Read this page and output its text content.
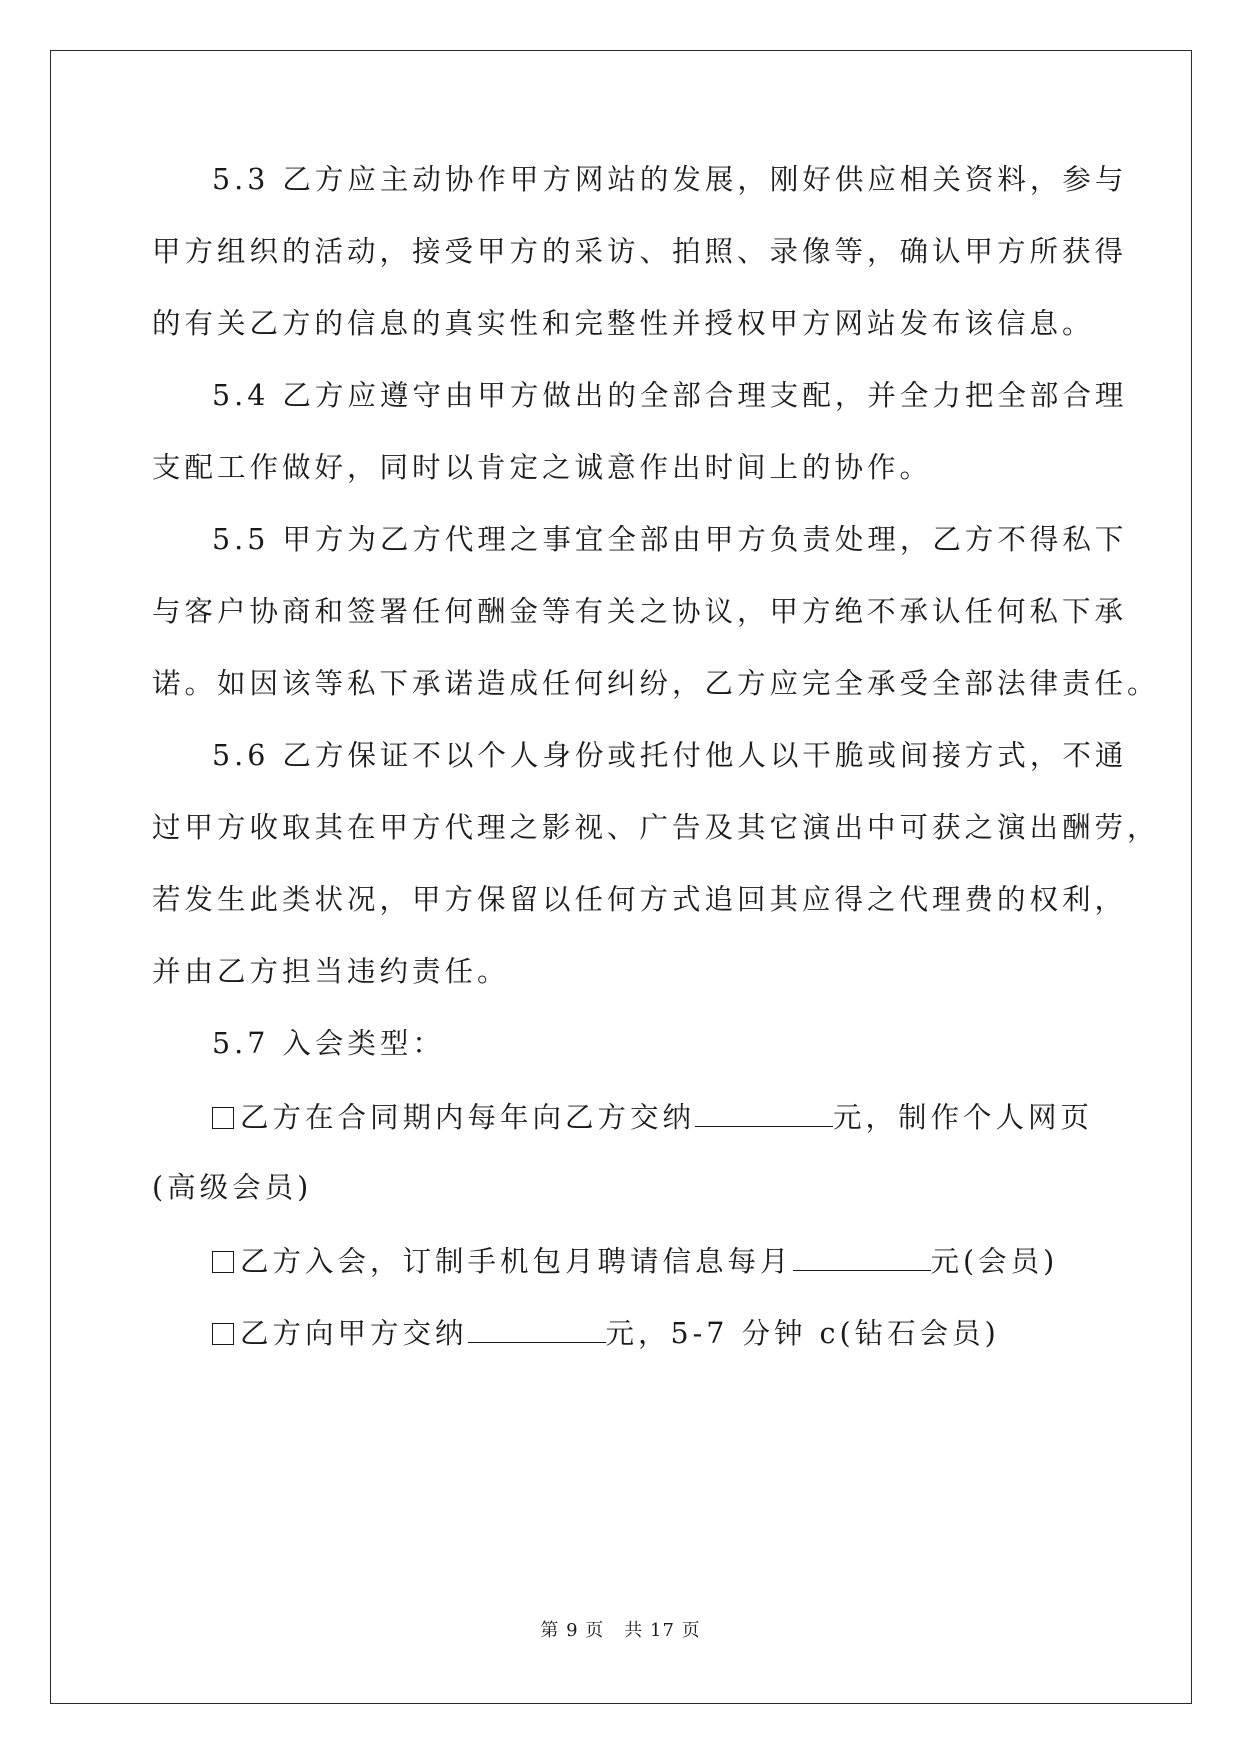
5.3 乙方应主动协作甲方网站的发展，刚好供应相关资料，参与
甲方组织的活动，接受甲方的采访、拍照、录像等，确认甲方所获得
的有关乙方的信息的真实性和完整性并授权甲方网站发布该信息。
5.4 乙方应遵守由甲方做出的全部合理支配，并全力把全部合理
支配工作做好，同时以肯定之诚意作出时间上的协作。
5.5 甲方为乙方代理之事宜全部由甲方负责处理，乙方不得私下
与客户协商和签署任何酬金等有关之协议，甲方绝不承认任何私下承
诺。如因该等私下承诺造成任何纠纷，乙方应完全承受全部法律责任。
5.6 乙方保证不以个人身份或托付他人以干脆或间接方式，不通
过甲方收取其在甲方代理之影视、广告及其它演出中可获之演出酬劳，
若发生此类状况，甲方保留以任何方式追回其应得之代理费的权利，
并由乙方担当违约责任。
5.7 入会类型：
乙方在合同期内每年向乙方交纳	元，制作个人网页
(高级会员)
乙方入会，订制手机包月聘请信息每月	元(会员)
乙方向甲方交纳	元，5-7 分钟 c(钻石会员)
第 9 页 共 17 页
